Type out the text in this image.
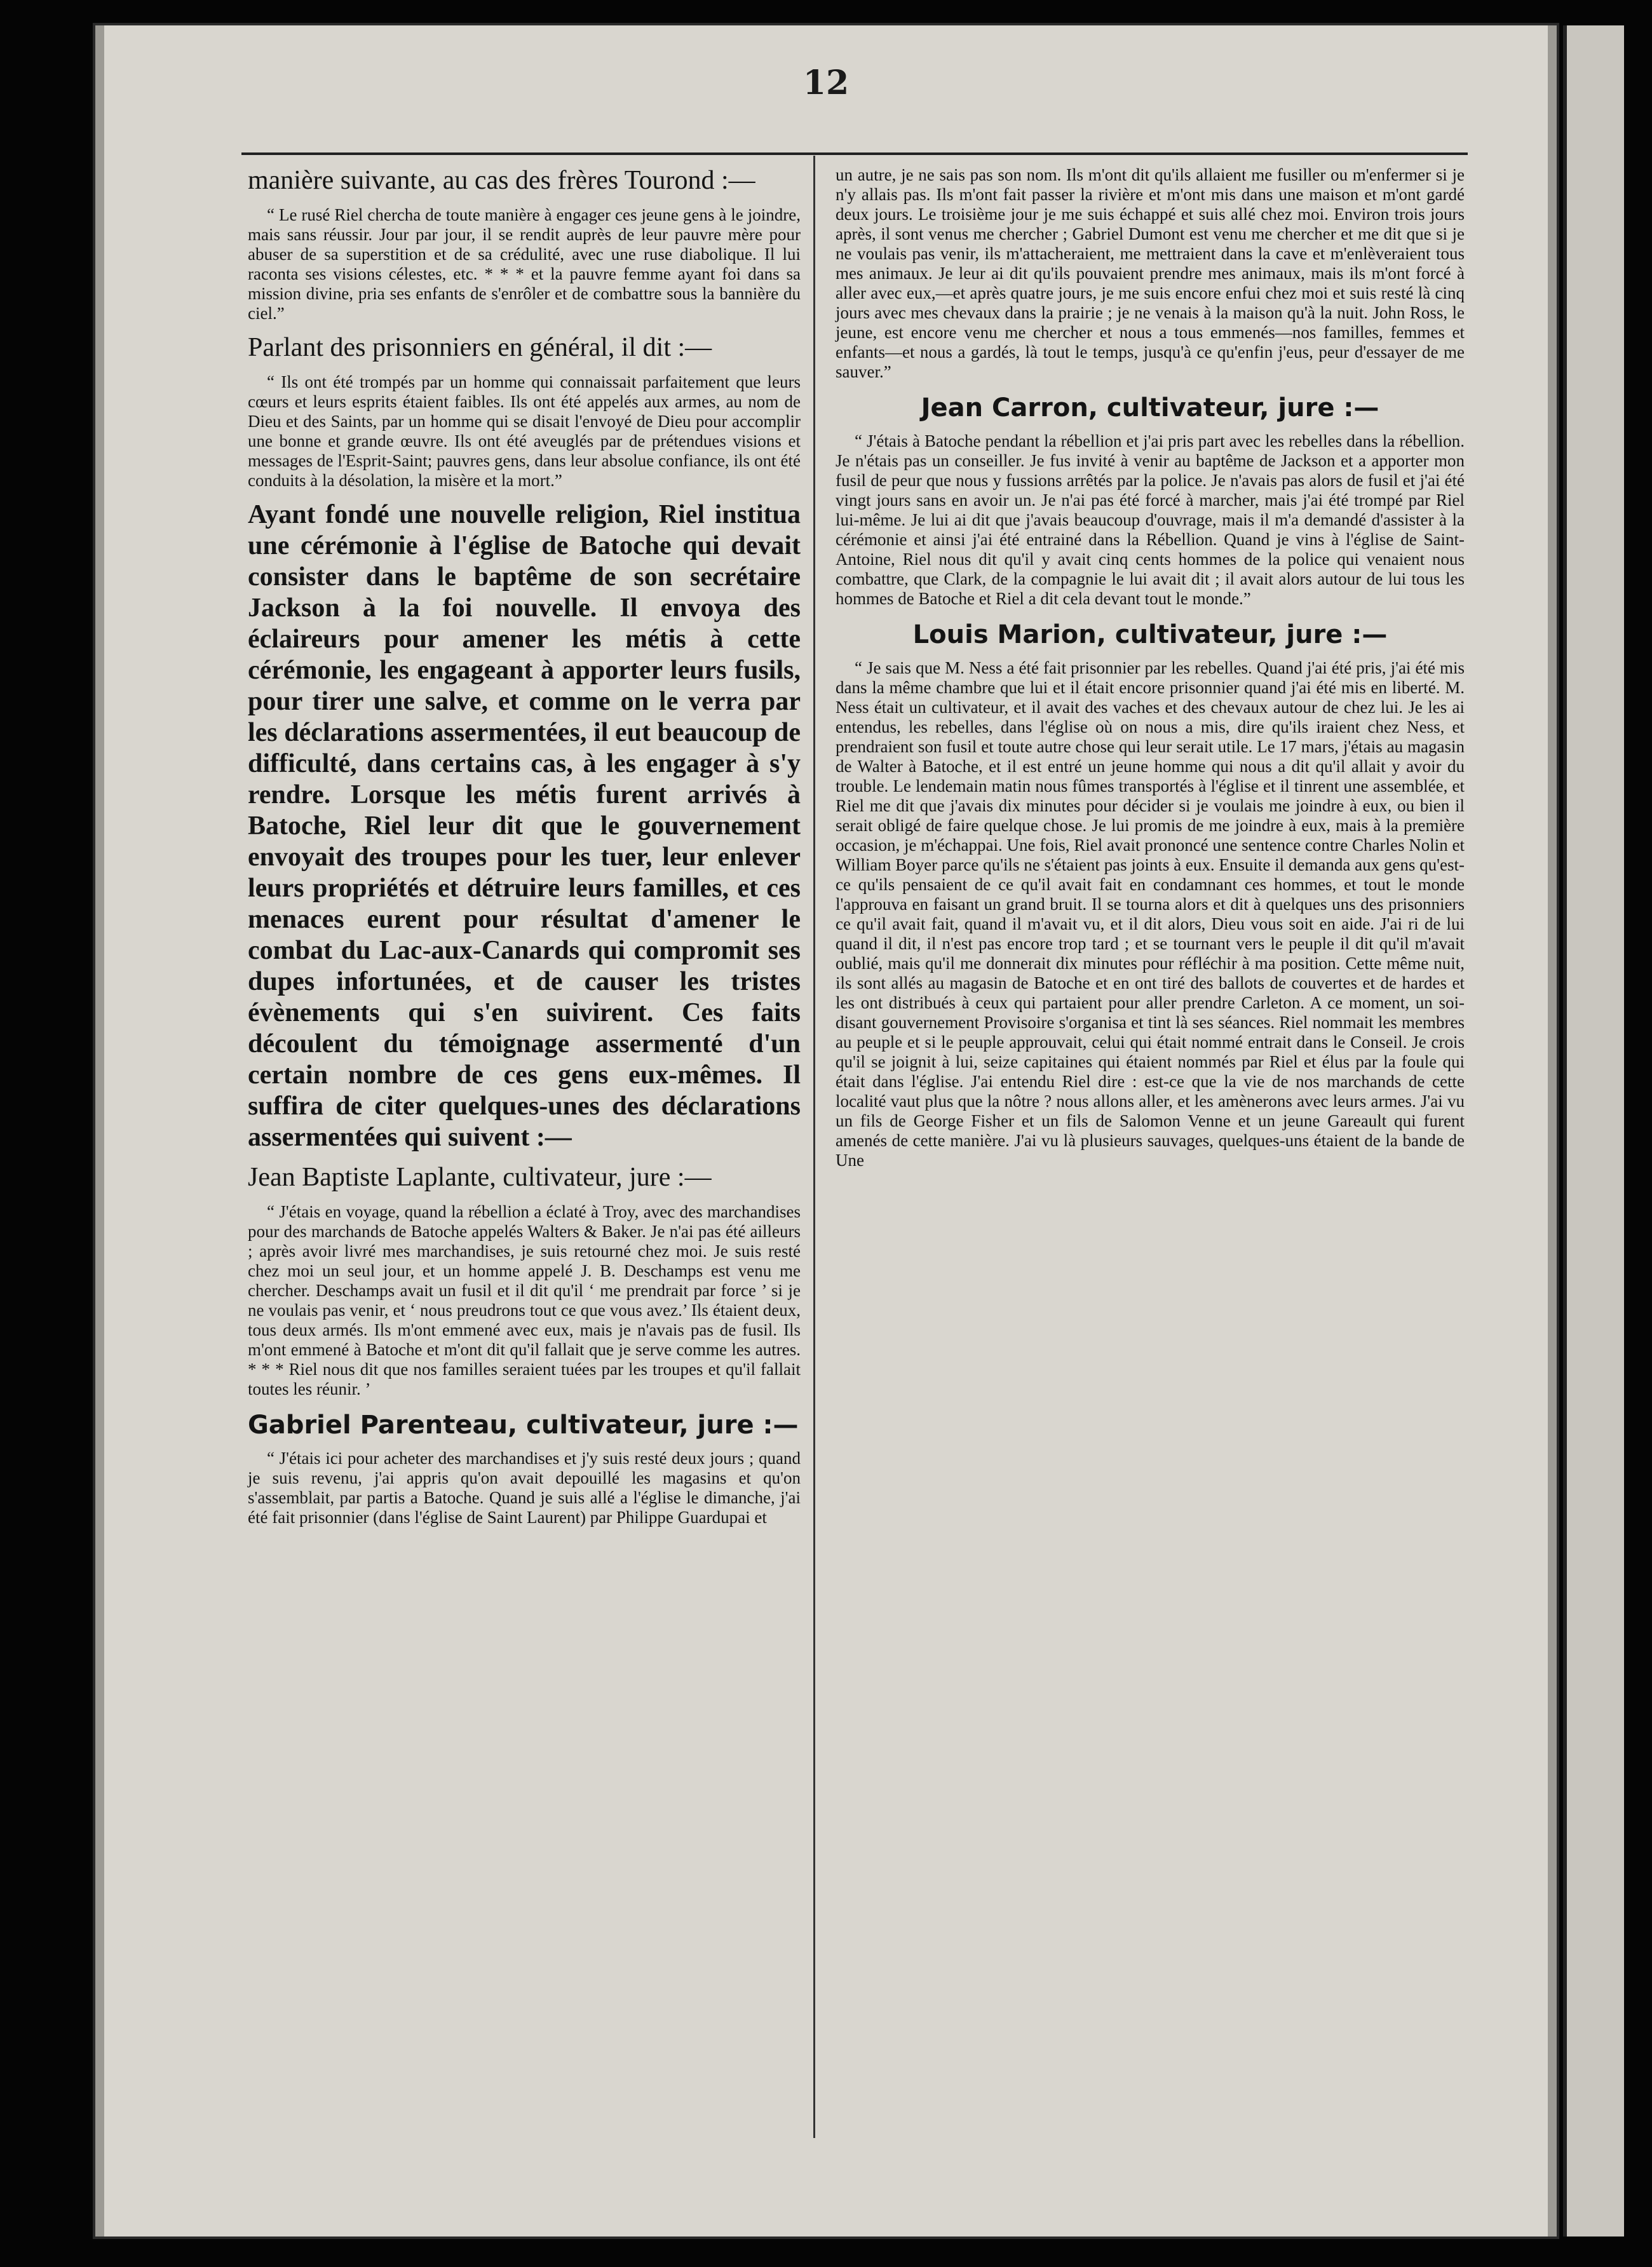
12

manière suivante, au cas des frères Tourond :—

“ Le rusé Riel chercha de toute manière à engager ces jeune gens à le joindre, mais sans réussir. Jour par jour, il se rendit auprès de leur pauvre mère pour abuser de sa superstition et de sa crédulité, avec une ruse diabolique. Il lui raconta ses visions célestes, etc. * * * et la pauvre femme ayant foi dans sa mission divine, pria ses enfants de s'enrôler et de combattre sous la bannière du ciel.”

Parlant des prisonniers en général, il dit :—

“ Ils ont été trompés par un homme qui connaissait parfaitement que leurs cœurs et leurs esprits étaient faibles. Ils ont été appelés aux armes, au nom de Dieu et des Saints, par un homme qui se disait l'envoyé de Dieu pour accomplir une bonne et grande œuvre. Ils ont été aveuglés par de prétendues visions et messages de l'Esprit-Saint; pauvres gens, dans leur absolue confiance, ils ont été conduits à la désolation, la misère et la mort.”

Ayant fondé une nouvelle religion, Riel institua une cérémonie à l'église de Batoche qui devait consister dans le baptême de son secrétaire Jackson à la foi nouvelle. Il envoya des éclaireurs pour amener les métis à cette cérémonie, les engageant à apporter leurs fusils, pour tirer une salve, et comme on le verra par les déclarations assermentées, il eut beaucoup de difficulté, dans certains cas, à les engager à s'y rendre. Lorsque les métis furent arrivés à Batoche, Riel leur dit que le gouvernement envoyait des troupes pour les tuer, leur enlever leurs propriétés et détruire leurs familles, et ces menaces eurent pour résultat d'amener le combat du Lac-aux-Canards qui compromit ses dupes infortunées, et de causer les tristes évènements qui s'en suivirent. Ces faits découlent du témoignage assermenté d'un certain nombre de ces gens eux-mêmes. Il suffira de citer quelques-unes des déclarations assermentées qui suivent :—

Jean Baptiste Laplante, cultivateur, jure :—

“ J'étais en voyage, quand la rébellion a éclaté à Troy, avec des marchandises pour des marchands de Batoche appelés Walters & Baker. Je n'ai pas été ailleurs ; après avoir livré mes marchandises, je suis retourné chez moi. Je suis resté chez moi un seul jour, et un homme appelé J. B. Deschamps est venu me chercher. Deschamps avait un fusil et il dit qu'il ‘ me prendrait par force ’ si je ne voulais pas venir, et ‘ nous preudrons tout ce que vous avez.’ Ils étaient deux, tous deux armés. Ils m'ont emmené avec eux, mais je n'avais pas de fusil. Ils m'ont emmené à Batoche et m'ont dit qu'il fallait que je serve comme les autres. * * * Riel nous dit que nos familles seraient tuées par les troupes et qu'il fallait toutes les réunir. ’

Gabriel Parenteau, cultivateur, jure :—

“ J'étais ici pour acheter des marchandises et j'y suis resté deux jours ; quand je suis revenu, j'ai appris qu'on avait depouillé les magasins et qu'on s'assemblait, par partis a Batoche. Quand je suis allé a l'église le dimanche, j'ai été fait prisonnier (dans l'église de Saint Laurent) par Philippe Guardupai et

un autre, je ne sais pas son nom. Ils m'ont dit qu'ils allaient me fusiller ou m'enfermer si je n'y allais pas. Ils m'ont fait passer la rivière et m'ont mis dans une maison et m'ont gardé deux jours. Le troisième jour je me suis échappé et suis allé chez moi. Environ trois jours après, il sont venus me chercher ; Gabriel Dumont est venu me chercher et me dit que si je ne voulais pas venir, ils m'attacheraient, me mettraient dans la cave et m'enlèveraient tous mes animaux. Je leur ai dit qu'ils pouvaient prendre mes animaux, mais ils m'ont forcé à aller avec eux,—et après quatre jours, je me suis encore enfui chez moi et suis resté là cinq jours avec mes chevaux dans la prairie ; je ne venais à la maison qu'à la nuit. John Ross, le jeune, est encore venu me chercher et nous a tous emmenés—nos familles, femmes et enfants—et nous a gardés, là tout le temps, jusqu'à ce qu'enfin j'eus, peur d'essayer de me sauver.”

Jean Carron, cultivateur, jure :—

“ J'étais à Batoche pendant la rébellion et j'ai pris part avec les rebelles dans la rébellion. Je n'étais pas un conseiller. Je fus invité à venir au baptême de Jackson et a apporter mon fusil de peur que nous y fussions arrêtés par la police. Je n'avais pas alors de fusil et j'ai été vingt jours sans en avoir un. Je n'ai pas été forcé à marcher, mais j'ai été trompé par Riel lui-même. Je lui ai dit que j'avais beaucoup d'ouvrage, mais il m'a demandé d'assister à la cérémonie et ainsi j'ai été entrainé dans la Rébellion. Quand je vins à l'église de Saint-Antoine, Riel nous dit qu'il y avait cinq cents hommes de la police qui venaient nous combattre, que Clark, de la compagnie le lui avait dit ; il avait alors autour de lui tous les hommes de Batoche et Riel a dit cela devant tout le monde.”

Louis Marion, cultivateur, jure :—

“ Je sais que M. Ness a été fait prisonnier par les rebelles. Quand j'ai été pris, j'ai été mis dans la même chambre que lui et il était encore prisonnier quand j'ai été mis en liberté. M. Ness était un cultivateur, et il avait des vaches et des chevaux autour de chez lui. Je les ai entendus, les rebelles, dans l'église où on nous a mis, dire qu'ils iraient chez Ness, et prendraient son fusil et toute autre chose qui leur serait utile. Le 17 mars, j'étais au magasin de Walter à Batoche, et il est entré un jeune homme qui nous a dit qu'il allait y avoir du trouble. Le lendemain matin nous fûmes transportés à l'église et il tinrent une assemblée, et Riel me dit que j'avais dix minutes pour décider si je voulais me joindre à eux, ou bien il serait obligé de faire quelque chose. Je lui promis de me joindre à eux, mais à la première occasion, je m'échappai. Une fois, Riel avait prononcé une sentence contre Charles Nolin et William Boyer parce qu'ils ne s'étaient pas joints à eux. Ensuite il demanda aux gens qu'est-ce qu'ils pensaient de ce qu'il avait fait en condamnant ces hommes, et tout le monde l'approuva en faisant un grand bruit. Il se tourna alors et dit à quelques uns des prisonniers ce qu'il avait fait, quand il m'avait vu, et il dit alors, Dieu vous soit en aide. J'ai ri de lui quand il dit, il n'est pas encore trop tard ; et se tournant vers le peuple il dit qu'il m'avait oublié, mais qu'il me donnerait dix minutes pour réfléchir à ma position. Cette même nuit, ils sont allés au magasin de Batoche et en ont tiré des ballots de couvertes et de hardes et les ont distribués à ceux qui partaient pour aller prendre Carleton. A ce moment, un soi-disant gouvernement Provisoire s'organisa et tint là ses séances. Riel nommait les membres au peuple et si le peuple approuvait, celui qui était nommé entrait dans le Conseil. Je crois qu'il se joignit à lui, seize capitaines qui étaient nommés par Riel et élus par la foule qui était dans l'église. J'ai entendu Riel dire : est-ce que la vie de nos marchands de cette localité vaut plus que la nôtre ? nous allons aller, et les amènerons avec leurs armes. J'ai vu un fils de George Fisher et un fils de Salomon Venne et un jeune Gareault qui furent amenés de cette manière. J'ai vu là plusieurs sauvages, quelques-uns étaient de la bande de Une
